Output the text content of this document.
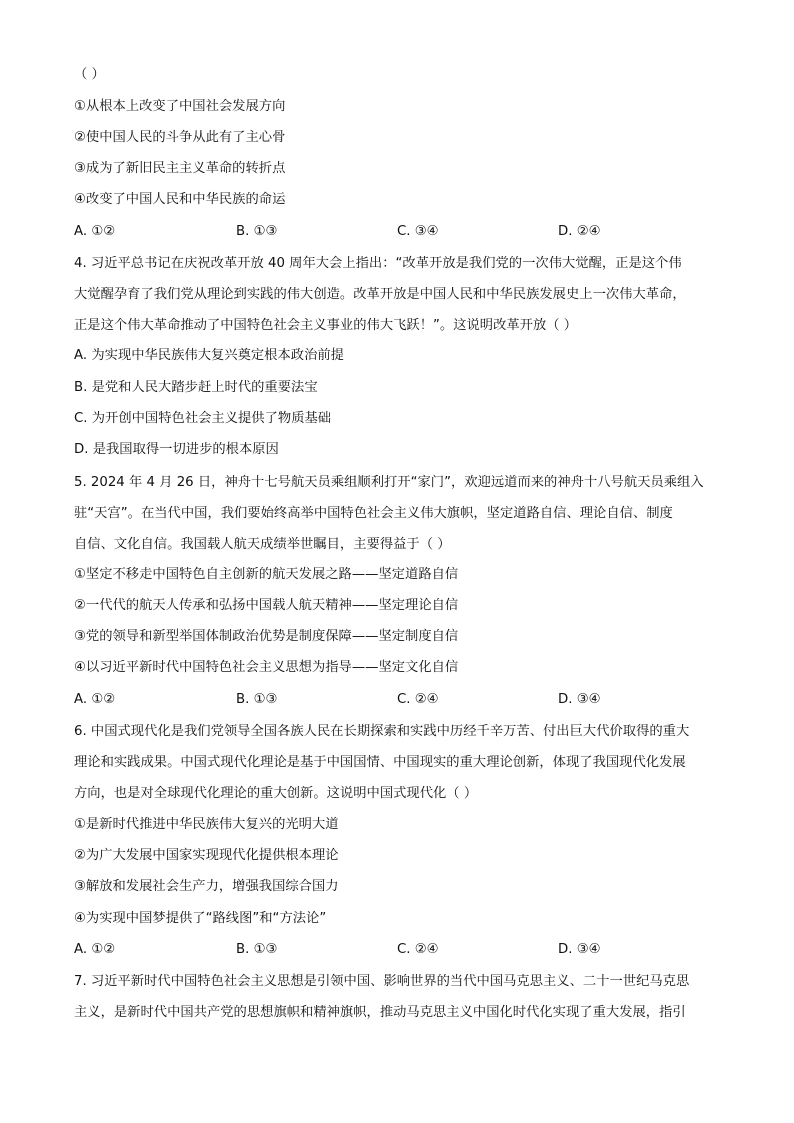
（ ）
①从根本上改变了中国社会发展方向
②使中国人民的斗争从此有了主心骨
③成为了新旧民主主义革命的转折点
④改变了中国人民和中华民族的命运
A. ①②	B. ①③	C. ③④	D. ②④
4. 习近平总书记在庆祝改革开放 40 周年大会上指出：“改革开放是我们党的一次伟大觉醒，正是这个伟
大觉醒孕育了我们党从理论到实践的伟大创造。改革开放是中国人民和中华民族发展史上一次伟大革命，
正是这个伟大革命推动了中国特色社会主义事业的伟大飞跃！”。这说明改革开放（ ）
A. 为实现中华民族伟大复兴奠定根本政治前提
B. 是党和人民大踏步赶上时代的重要法宝
C. 为开创中国特色社会主义提供了物质基础
D. 是我国取得一切进步的根本原因
5. 2024 年 4 月 26 日，神舟十七号航天员乘组顺利打开“家门”，欢迎远道而来的神舟十八号航天员乘组入
驻“天宫”。在当代中国，我们要始终高举中国特色社会主义伟大旗帜，坚定道路自信、理论自信、制度
自信、文化自信。我国载人航天成绩举世瞩目，主要得益于（ ）
①坚定不移走中国特色自主创新的航天发展之路——坚定道路自信
②一代代的航天人传承和弘扬中国载人航天精神——坚定理论自信
③党的领导和新型举国体制政治优势是制度保障——坚定制度自信
④以习近平新时代中国特色社会主义思想为指导——坚定文化自信
A. ①②	B. ①③	C. ②④	D. ③④
6. 中国式现代化是我们党领导全国各族人民在长期探索和实践中历经千辛万苦、付出巨大代价取得的重大
理论和实践成果。中国式现代化理论是基于中国国情、中国现实的重大理论创新，体现了我国现代化发展
方向，也是对全球现代化理论的重大创新。这说明中国式现代化（ ）
①是新时代推进中华民族伟大复兴的光明大道
②为广大发展中国家实现现代化提供根本理论
③解放和发展社会生产力，增强我国综合国力
④为实现中国梦提供了“路线图”和“方法论”
A. ①②	B. ①③	C. ②④	D. ③④
7. 习近平新时代中国特色社会主义思想是引领中国、影响世界的当代中国马克思主义、二十一世纪马克思
主义，是新时代中国共产党的思想旗帜和精神旗帜，推动马克思主义中国化时代化实现了重大发展，指引
